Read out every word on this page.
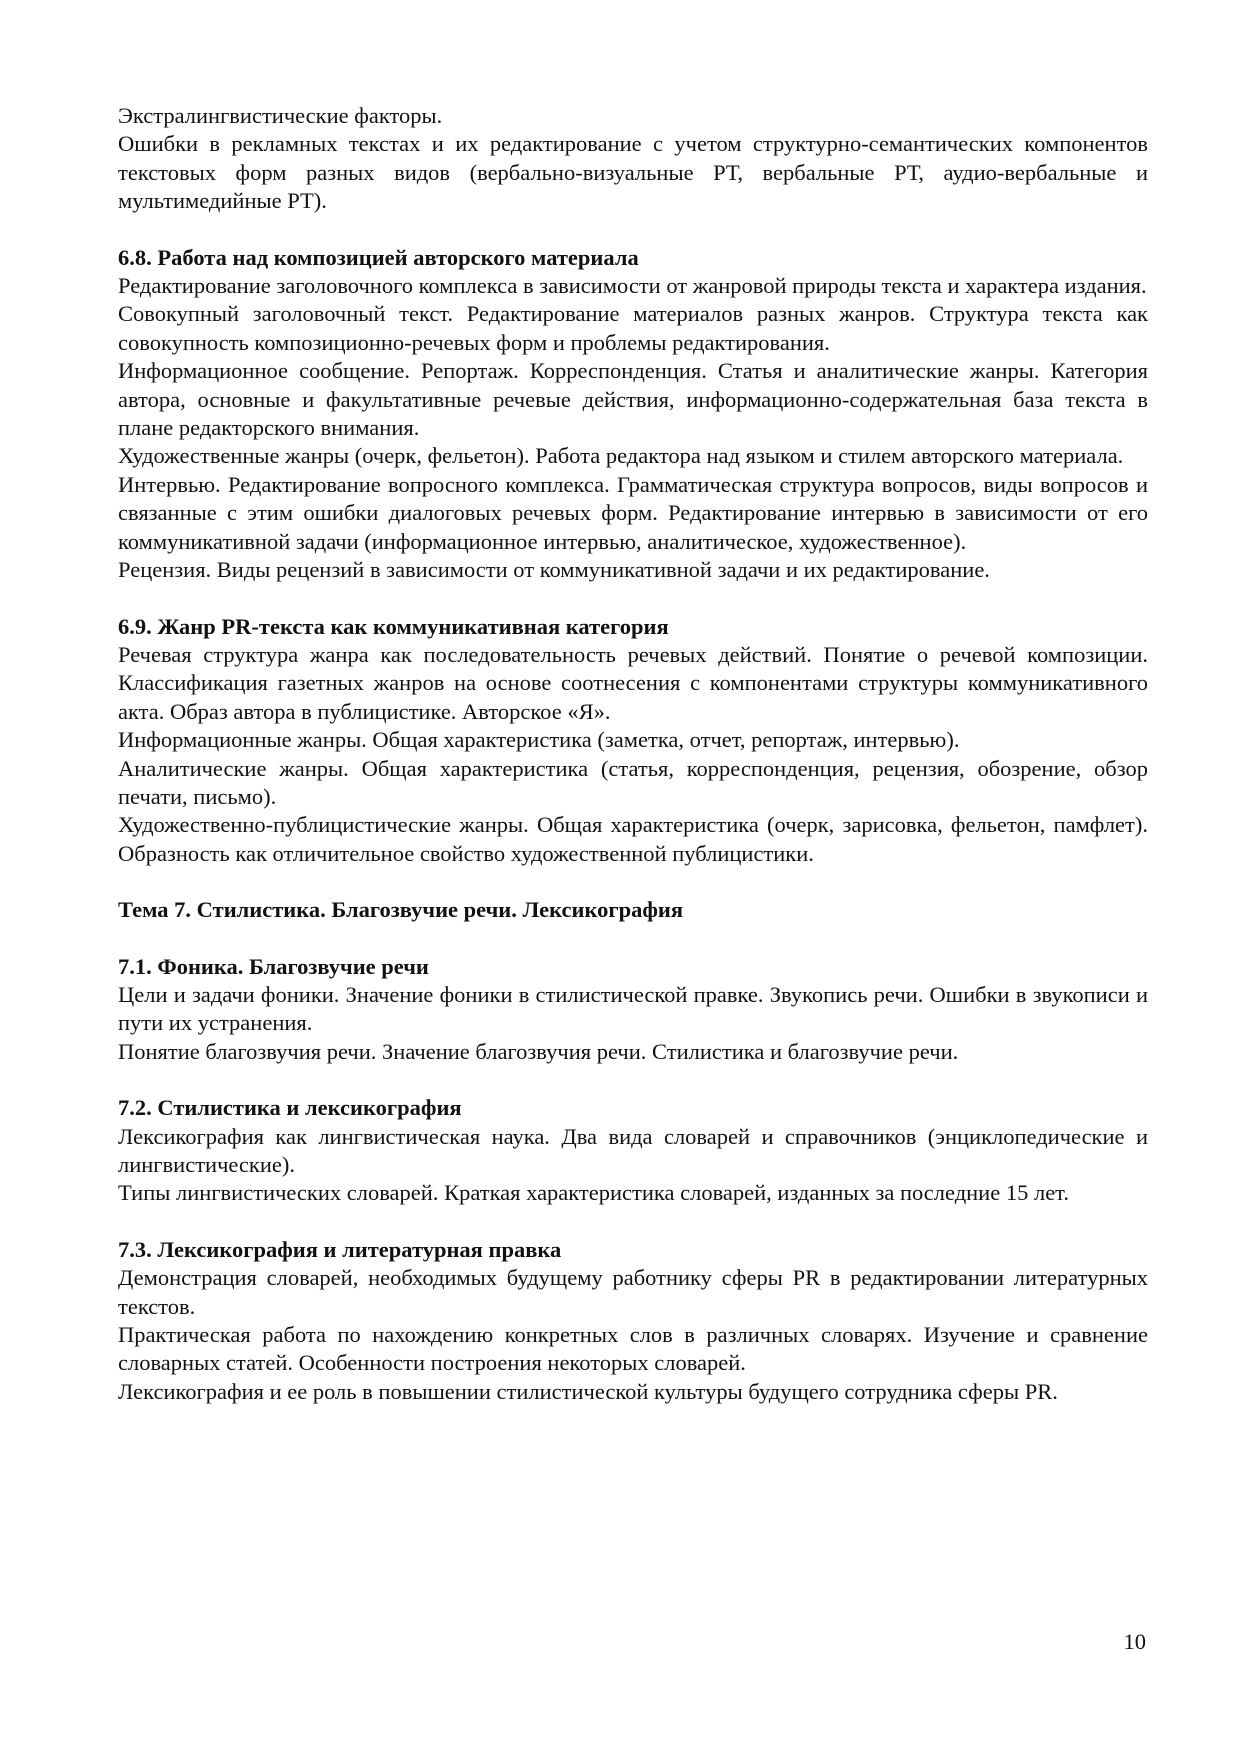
Экстралингвистические факторы.

Ошибки в рекламных текстах и их редактирование с учетом структурно-семантических компонентов текстовых форм разных видов (вербально-визуальные РТ, вербальные РТ, аудио-вербальные и мультимедийные РТ).

6.8. Работа над композицией авторского материала

Редактирование заголовочного комплекса в зависимости от жанровой природы текста и характера издания.

Совокупный заголовочный текст. Редактирование материалов разных жанров. Структура текста как совокупность композиционно-речевых форм и проблемы редактирования.

Информационное сообщение. Репортаж. Корреспонденция. Статья и аналитические жанры. Категория автора, основные и факультативные речевые действия, информационно-содержательная база текста в плане редакторского внимания.

Художественные жанры (очерк, фельетон). Работа редактора над языком и стилем авторского материала.

Интервью. Редактирование вопросного комплекса. Грамматическая структура вопросов, виды вопросов и связанные с этим ошибки диалоговых речевых форм. Редактирование интервью в зависимости от его коммуникативной задачи (информационное интервью, аналитическое, художественное).

Рецензия. Виды рецензий в зависимости от коммуникативной задачи и их редактирование.

6.9. Жанр PR-текста как коммуникативная категория

Речевая структура жанра как последовательность речевых действий. Понятие о речевой композиции. Классификация газетных жанров на основе соотнесения с компонентами структуры коммуникативного акта. Образ автора в публицистике. Авторское «Я».

Информационные жанры. Общая характеристика (заметка, отчет, репортаж, интервью).

Аналитические жанры. Общая характеристика (статья, корреспонденция, рецензия, обозрение, обзор печати, письмо).

Художественно-публицистические жанры. Общая характеристика (очерк, зарисовка, фельетон, памфлет). Образность как отличительное свойство художественной публицистики.

Тема 7. Стилистика. Благозвучие речи. Лексикография

7.1. Фоника. Благозвучие речи

Цели и задачи фоники. Значение фоники в стилистической правке. Звукопись речи. Ошибки в звукописи и пути их устранения.

Понятие благозвучия речи. Значение благозвучия речи. Стилистика и благозвучие речи.

7.2. Стилистика и лексикография

Лексикография как лингвистическая наука. Два вида словарей и справочников (энциклопедические и лингвистические).

Типы лингвистических словарей. Краткая характеристика словарей, изданных за последние 15 лет.

7.3. Лексикография и литературная правка

Демонстрация словарей, необходимых будущему работнику сферы PR в редактировании литературных текстов.

Практическая работа по нахождению конкретных слов в различных словарях. Изучение и сравнение словарных статей. Особенности построения некоторых словарей.

Лексикография и ее роль в повышении стилистической культуры будущего сотрудника сферы PR.

10
